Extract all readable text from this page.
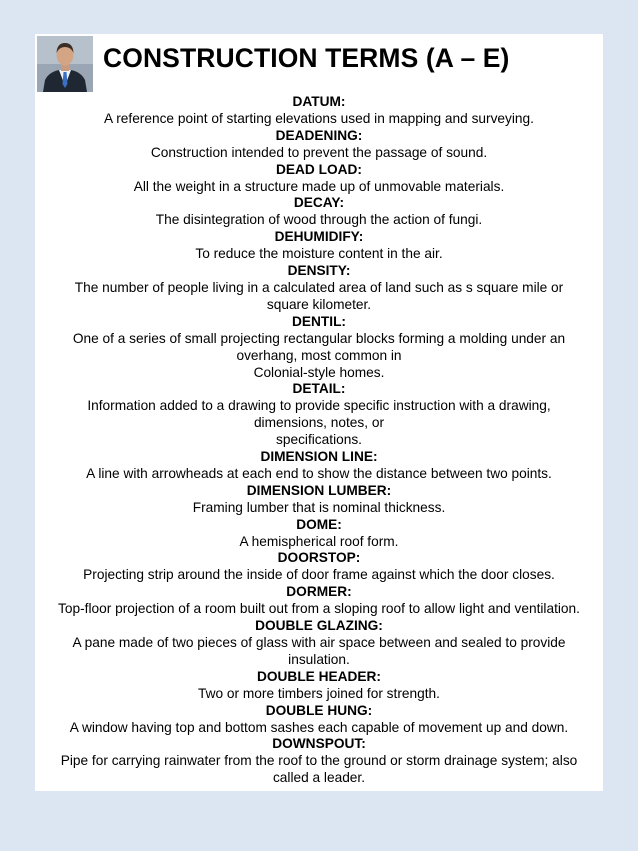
CONSTRUCTION TERMS (A – E)
DATUM:
A reference point of starting elevations used in mapping and surveying.
DEADENING:
Construction intended to prevent the passage of sound.
DEAD LOAD:
All the weight in a structure made up of unmovable materials.
DECAY:
The disintegration of wood through the action of fungi.
DEHUMIDIFY:
To reduce the moisture content in the air.
DENSITY:
The number of people living in a calculated area of land such as s square mile or
square kilometer.
DENTIL:
One of a series of small projecting rectangular blocks forming a molding under an
overhang, most common in
Colonial-style homes.
DETAIL:
Information added to a drawing to provide specific instruction with a drawing,
dimensions, notes, or
specifications.
DIMENSION LINE:
A line with arrowheads at each end to show the distance between two points.
DIMENSION LUMBER:
Framing lumber that is nominal thickness.
DOME:
A hemispherical roof form.
DOORSTOP:
Projecting strip around the inside of door frame against which the door closes.
DORMER:
Top-floor projection of a room built out from a sloping roof to allow light and ventilation.
DOUBLE GLAZING:
A pane made of two pieces of glass with air space between and sealed to provide
insulation.
DOUBLE HEADER:
Two or more timbers joined for strength.
DOUBLE HUNG:
A window having top and bottom sashes each capable of movement up and down.
DOWNSPOUT:
Pipe for carrying rainwater from the roof to the ground or storm drainage system; also
called a leader.
